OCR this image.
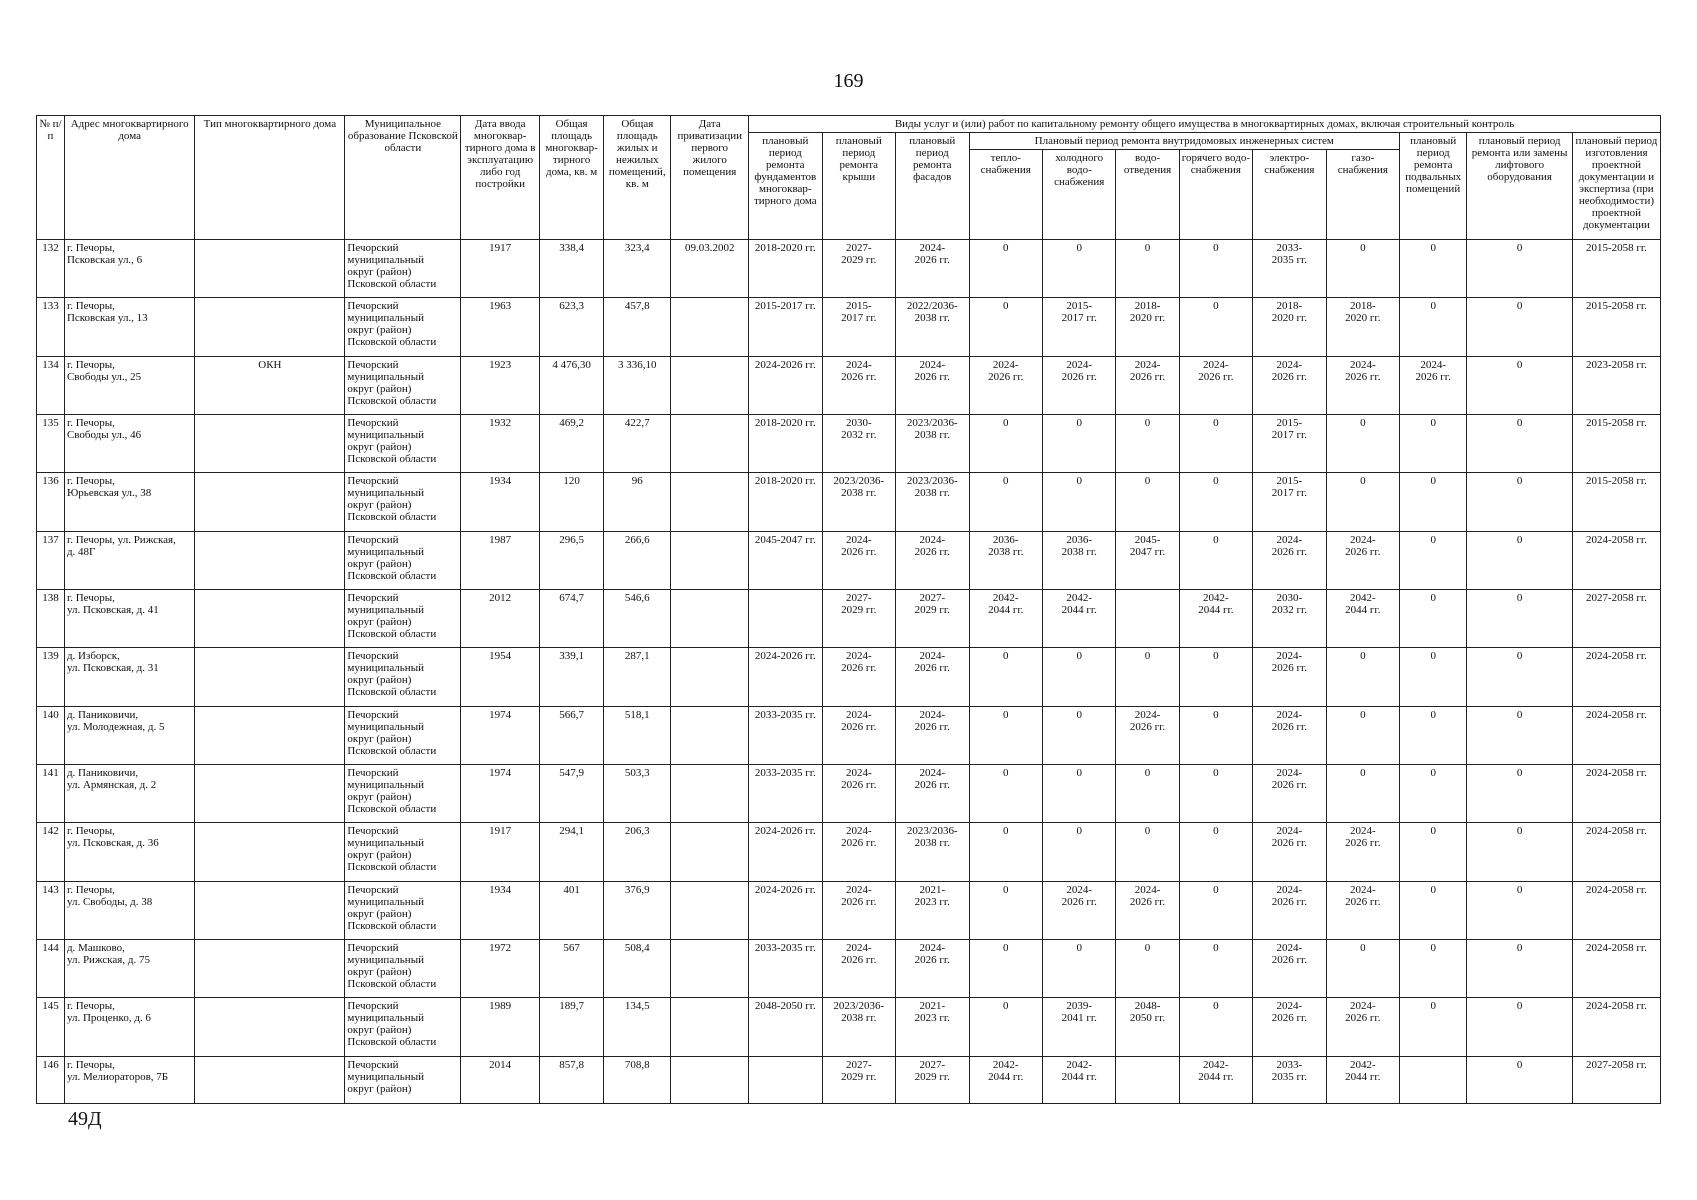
169
№ п/п	Адрес многоквартирного дома	Тип многоквартирного дома	Муниципальное образование Псковской области	Дата ввода многоквар-тирного дома в эксплуатацию либо год постройки	Общая площадь многоквар-тирного дома, кв. м	Общая площадь жилых и нежилых помещений, кв. м	Дата приватизации первого жилого помещения	Виды услуг и (или) работ по капитальному ремонту общего имущества в многоквартирных домах, включая строительный контроль											
								плановый период ремонта фундаментов многоквар-тирного дома	плановый период ремонта крыши	плановый период ремонта фасадов	Плановый период ремонта внутридомовых инженерных систем						плановый период ремонта подвальных помещений	плановый период ремонта или замены лифтового оборудования	плановый период изготовления проектной документации и экспертиза (при необходимости) проектной документации
											тепло-снабжения	холодного водо-снабжения	водо-отведения	горячего водо-снабжения	электро-снабжения	газо-снабжения			
132	г. Печоры,
Псковская ул., 6		Печорский
муниципальный
округ (район)
Псковской области	1917	338,4	323,4	09.03.2002	2018-2020 гг.	2027-
2029 гг.	2024-
2026 гг.	0	0	0	0	2033-
2035 гг.	0	0	0	2015-2058 гг.
133	г. Печоры,
Псковская ул., 13		Печорский
муниципальный
округ (район)
Псковской области	1963	623,3	457,8		2015-2017 гг.	2015-
2017 гг.	2022/2036-
2038 гг.	0	2015-
2017 гг.	2018-
2020 гг.	0	2018-
2020 гг.	2018-
2020 гг.	0	0	2015-2058 гг.
134	г. Печоры,
Свободы ул., 25	ОКН	Печорский
муниципальный
округ (район)
Псковской области	1923	4 476,30	3 336,10		2024-2026 гг.	2024-
2026 гг.	2024-
2026 гг.	2024-
2026 гг.	2024-
2026 гг.	2024-
2026 гг.	2024-
2026 гг.	2024-
2026 гг.	2024-
2026 гг.	2024-
2026 гг.	0	2023-2058 гг.
135	г. Печоры,
Свободы ул., 46		Печорский
муниципальный
округ (район)
Псковской области	1932	469,2	422,7		2018-2020 гг.	2030-
2032 гг.	2023/2036-
2038 гг.	0	0	0	0	2015-
2017 гг.	0	0	0	2015-2058 гг.
136	г. Печоры,
Юрьевская ул., 38		Печорский
муниципальный
округ (район)
Псковской области	1934	120	96		2018-2020 гг.	2023/2036-
2038 гг.	2023/2036-
2038 гг.	0	0	0	0	2015-
2017 гг.	0	0	0	2015-2058 гг.
137	г. Печоры, ул. Рижская,
д. 48Г		Печорский
муниципальный
округ (район)
Псковской области	1987	296,5	266,6		2045-2047 гг.	2024-
2026 гг.	2024-
2026 гг.	2036-
2038 гг.	2036-
2038 гг.	2045-
2047 гг.	0	2024-
2026 гг.	2024-
2026 гг.	0	0	2024-2058 гг.
138	г. Печоры,
ул. Псковская, д. 41		Печорский
муниципальный
округ (район)
Псковской области	2012	674,7	546,6			2027-
2029 гг.	2027-
2029 гг.	2042-
2044 гг.	2042-
2044 гг.		2042-
2044 гг.	2030-
2032 гг.	2042-
2044 гг.	0	0	2027-2058 гг.
139	д. Изборск,
ул. Псковская, д. 31		Печорский
муниципальный
округ (район)
Псковской области	1954	339,1	287,1		2024-2026 гг.	2024-
2026 гг.	2024-
2026 гг.	0	0	0	0	2024-
2026 гг.	0	0	0	2024-2058 гг.
140	д. Паниковичи,
ул. Молодежная, д. 5		Печорский
муниципальный
округ (район)
Псковской области	1974	566,7	518,1		2033-2035 гг.	2024-
2026 гг.	2024-
2026 гг.	0	0	2024-
2026 гг.	0	2024-
2026 гг.	0	0	0	2024-2058 гг.
141	д. Паниковичи,
ул. Армянская, д. 2		Печорский
муниципальный
округ (район)
Псковской области	1974	547,9	503,3		2033-2035 гг.	2024-
2026 гг.	2024-
2026 гг.	0	0	0	0	2024-
2026 гг.	0	0	0	2024-2058 гг.
142	г. Печоры,
ул. Псковская, д. 36		Печорский
муниципальный
округ (район)
Псковской области	1917	294,1	206,3		2024-2026 гг.	2024-
2026 гг.	2023/2036-
2038 гг.	0	0	0	0	2024-
2026 гг.	2024-
2026 гг.	0	0	2024-2058 гг.
143	г. Печоры,
ул. Свободы, д. 38		Печорский
муниципальный
округ (район)
Псковской области	1934	401	376,9		2024-2026 гг.	2024-
2026 гг.	2021-
2023 гг.	0	2024-
2026 гг.	2024-
2026 гг.	0	2024-
2026 гг.	2024-
2026 гг.	0	0	2024-2058 гг.
144	д. Машково,
ул. Рижская, д. 75		Печорский
муниципальный
округ (район)
Псковской области	1972	567	508,4		2033-2035 гг.	2024-
2026 гг.	2024-
2026 гг.	0	0	0	0	2024-
2026 гг.	0	0	0	2024-2058 гг.
145	г. Печоры,
ул. Проценко, д. 6		Печорский
муниципальный
округ (район)
Псковской области	1989	189,7	134,5		2048-2050 гг.	2023/2036-
2038 гг.	2021-
2023 гг.	0	2039-
2041 гг.	2048-
2050 гг.	0	2024-
2026 гг.	2024-
2026 гг.	0	0	2024-2058 гг.
146	г. Печоры,
ул. Мелиораторов, 7Б		Печорский
муниципальный
округ (район)	2014	857,8	708,8			2027-
2029 гг.	2027-
2029 гг.	2042-
2044 гг.	2042-
2044 гг.		2042-
2044 гг.	2033-
2035 гг.	2042-
2044 гг.		0	2027-2058 гг.
49Д
